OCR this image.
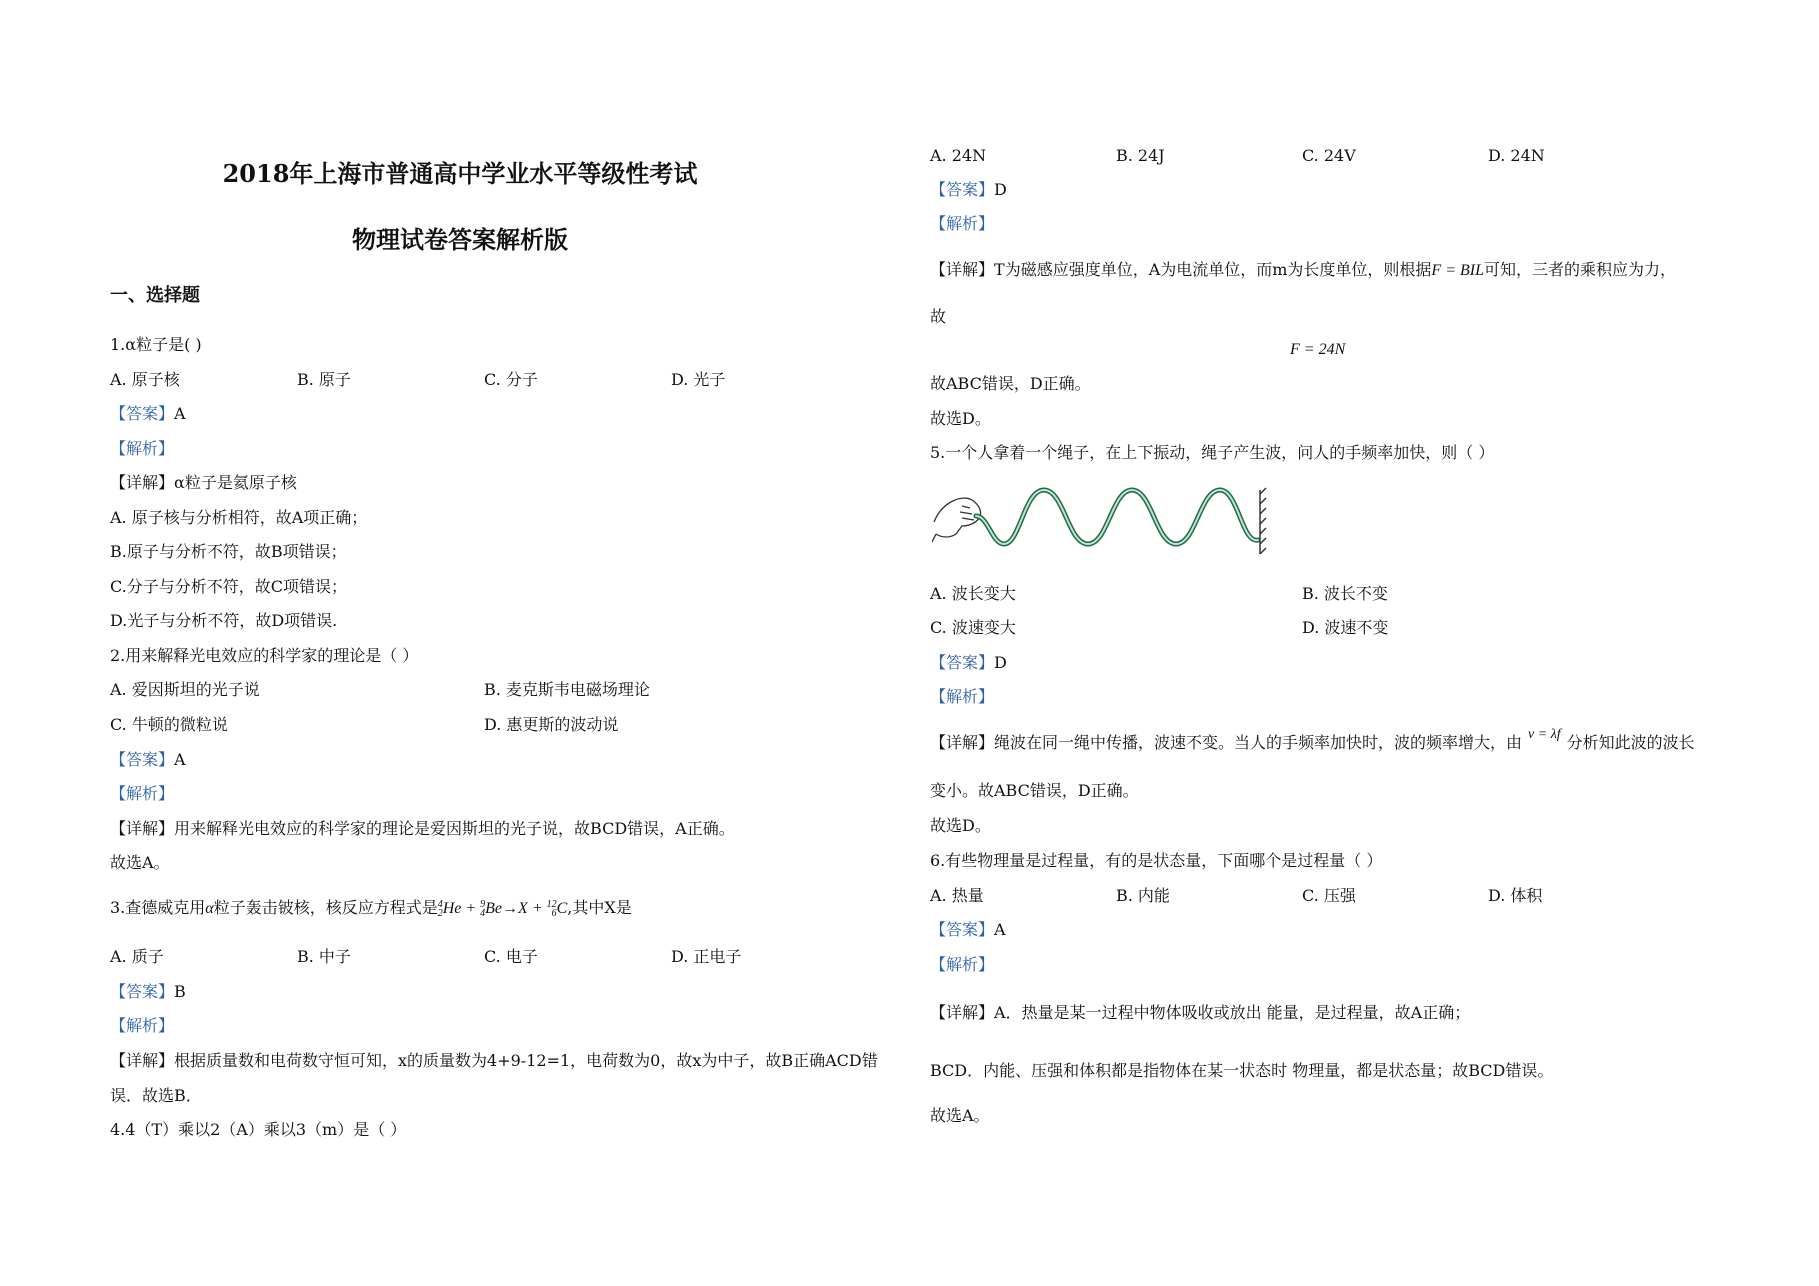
2018年上海市普通高中学业水平等级性考试
物理试卷答案解析版
一、选择题
1.α粒子是( )
A. 原子核	B. 原子	C. 分子	D. 光子
【答案】A
【解析】
【详解】α粒子是氦原子核
A. 原子核与分析相符，故A项正确；
B.原子与分析不符，故B项错误；
C.分子与分析不符，故C项错误；
D.光子与分析不符，故D项错误.
2.用来解释光电效应的科学家的理论是（ ）
A. 爱因斯坦的光子说	B. 麦克斯韦电磁场理论
C. 牛顿的微粒说	D. 惠更斯的波动说
【答案】A
【解析】
【详解】用来解释光电效应的科学家的理论是爱因斯坦的光子说，故BCD错误，A正确。
故选A。
3.查德威克用α粒子轰击铍核，核反应方程式是4
2He + 9
4Be→X + 12
6C,其中X是
A. 质子	B. 中子	C. 电子	D. 正电子
【答案】B
【解析】
【详解】根据质量数和电荷数守恒可知，x的质量数为4+9-12=1，电荷数为0，故x为中子，故B正确ACD错
误．故选B．
4.4（T）乘以2（A）乘以3（m）是（ ）
A. 24N	B. 24J	C. 24V	D. 24N
【答案】D
【解析】
【详解】T为磁感应强度单位，A为电流单位，而m为长度单位，则根据F = BIL可知，三者的乘积应为力，
故
F = 24N
故ABC错误，D正确。
故选D。
5.一个人拿着一个绳子，在上下振动，绳子产生波，问人的手频率加快，则（ ）
A. 波长变大	B. 波长不变
C. 波速变大	D. 波速不变
【答案】D
【解析】
【详解】绳波在同一绳中传播，波速不变。当人的手频率加快时，波的频率增大，由 v = λf 分析知此波的波长
变小。故ABC错误，D正确。
故选D。
6.有些物理量是过程量，有的是状态量，下面哪个是过程量（ ）
A. 热量	B. 内能	C. 压强	D. 体积
【答案】A
【解析】
【详解】A．热量是某一过程中物体吸收或放出 能量，是过程量，故A正确；
BCD．内能、压强和体积都是指物体在某一状态时 物理量，都是状态量；故BCD错误。
故选A。
